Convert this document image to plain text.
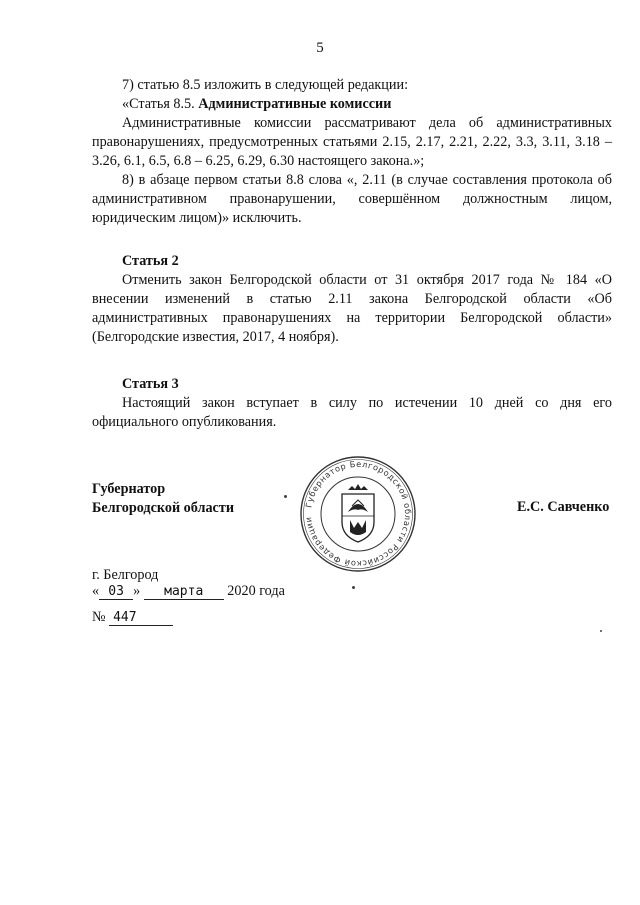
5

7) статью 8.5 изложить в следующей редакции:

«Статья 8.5. Административные комиссии

Административные комиссии рассматривают дела об административных правонарушениях, предусмотренных статьями 2.15, 2.17, 2.21, 2.22, 3.3, 3.11, 3.18 – 3.26, 6.1, 6.5, 6.8 – 6.25, 6.29, 6.30 настоящего закона.»;

8) в абзаце первом статьи 8.8 слова «, 2.11 (в случае составления протокола об административном правонарушении, совершённом должностным лицом, юридическим лицом)» исключить.

Статья 2

Отменить закон Белгородской области от 31 октября 2017 года № 184 «О внесении изменений в статью 2.11 закона Белгородской области «Об административных правонарушениях на территории Белгородской области» (Белгородские известия, 2017, 4 ноября).

Статья 3

Настоящий закон вступает в силу по истечении 10 дней со дня его официального опубликования.

Губернатор
Белгородской области	Е.С. Савченко
Губернатор Белгородской области Российской Федерации
г. Белгород
« 03 » марта 2020 года
№ 447
